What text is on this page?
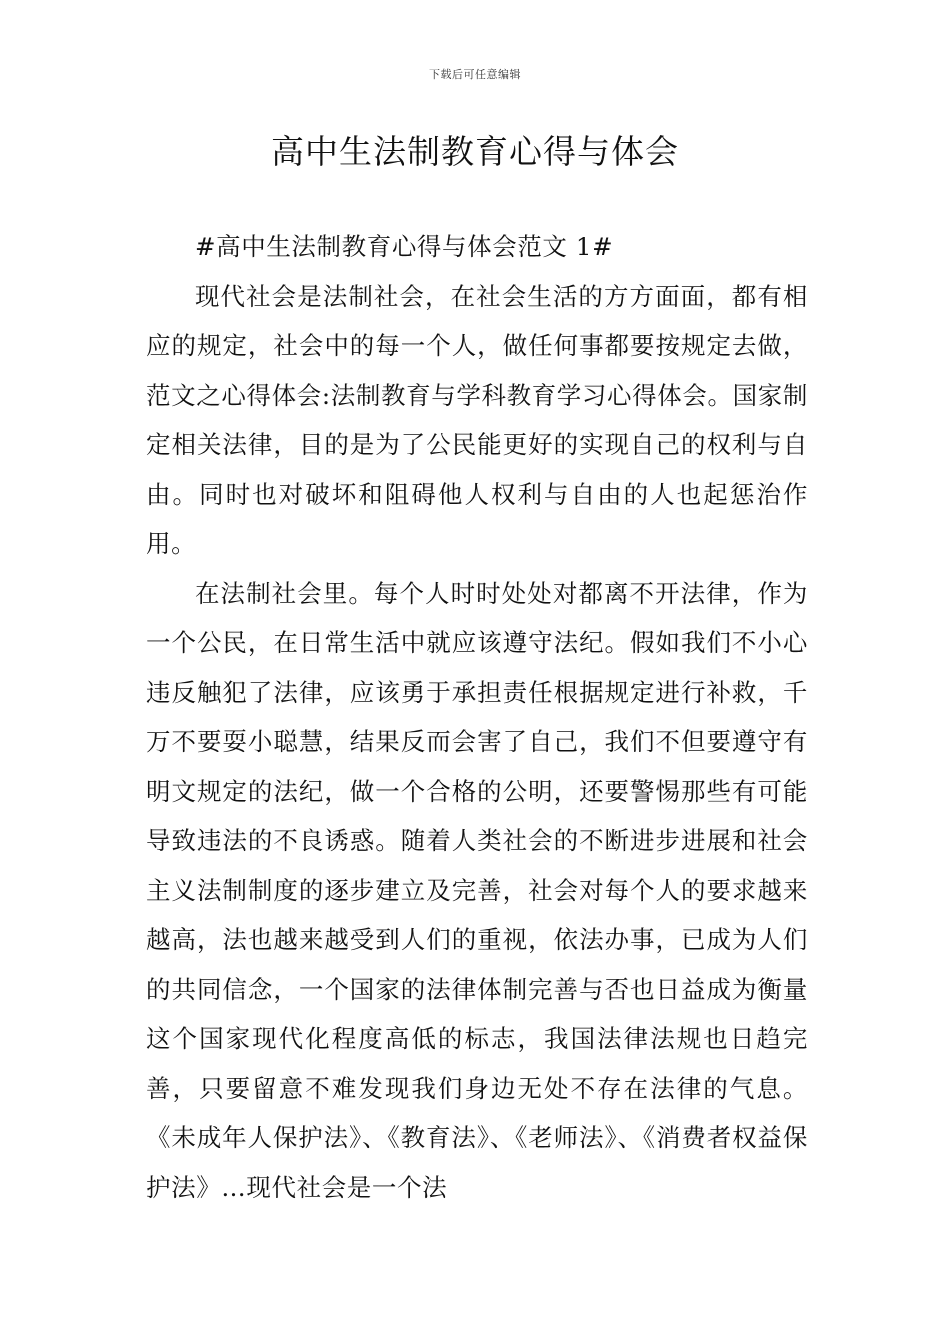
下载后可任意编辑
高中生法制教育心得与体会

#高中生法制教育心得与体会范文 1#

现代社会是法制社会，在社会生活的方方面面，都有相应的规定，社会中的每一个人，做任何事都要按规定去做，范文之心得体会:法制教育与学科教育学习心得体会。国家制定相关法律，目的是为了公民能更好的实现自己的权利与自由。同时也对破坏和阻碍他人权利与自由的人也起惩治作用。

在法制社会里。每个人时时处处对都离不开法律，作为一个公民，在日常生活中就应该遵守法纪。假如我们不小心违反触犯了法律，应该勇于承担责任根据规定进行补救，千万不要耍小聪慧，结果反而会害了自己，我们不但要遵守有明文规定的法纪，做一个合格的公明，还要警惕那些有可能导致违法的不良诱惑。随着人类社会的不断进步进展和社会主义法制制度的逐步建立及完善，社会对每个人的要求越来越高，法也越来越受到人们的重视，依法办事，已成为人们的共同信念，一个国家的法律体制完善与否也日益成为衡量这个国家现代化程度高低的标志，我国法律法规也日趋完善，只要留意不难发现我们身边无处不存在法律的气息。《未成年人保护法》、《教育法》、《老师法》、《消费者权益保护法》…现代社会是一个法
